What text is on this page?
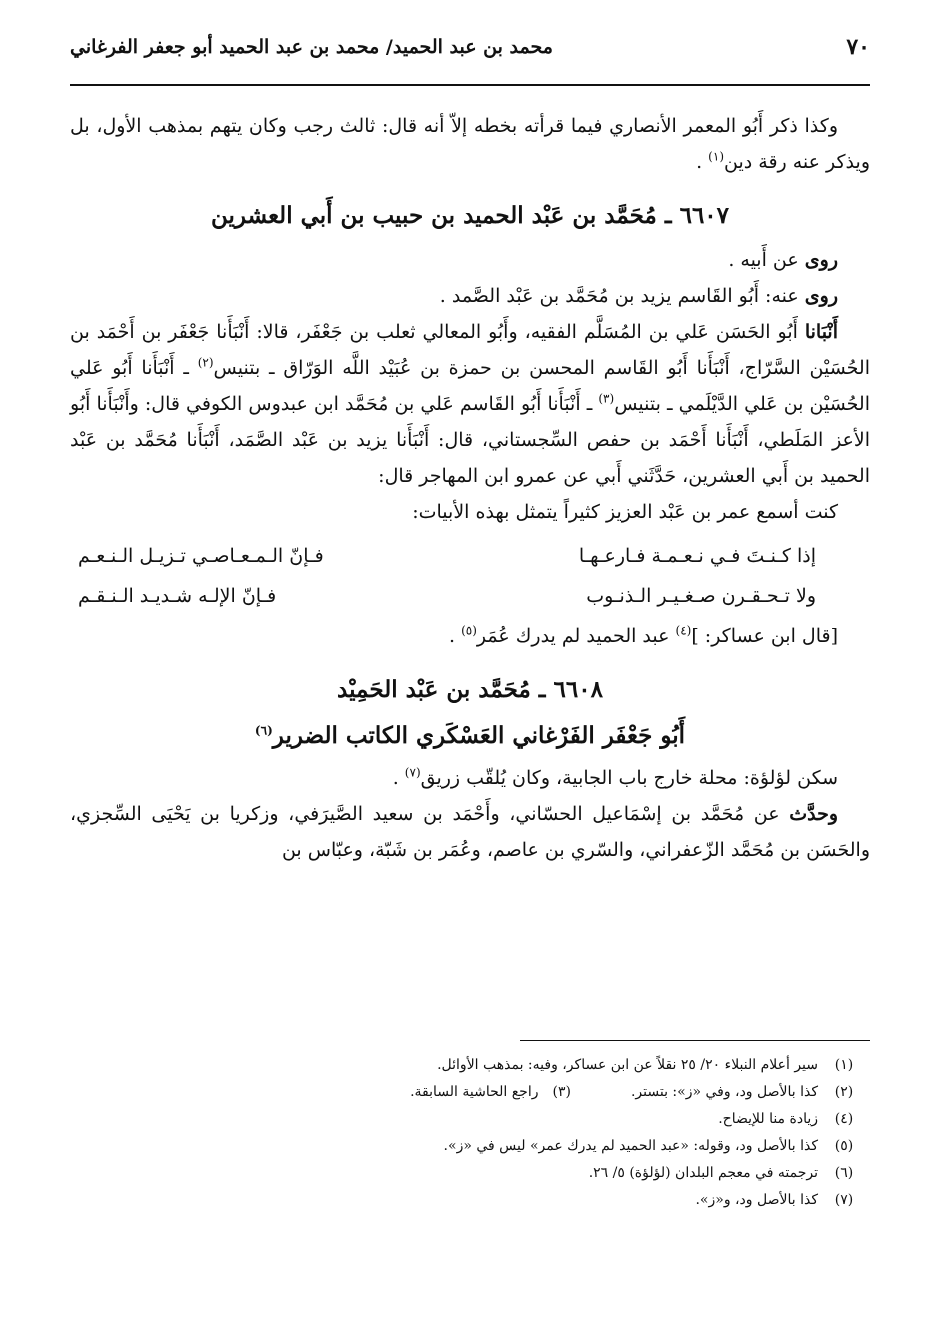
٧٠
محمد بن عبد الحميد/ محمد بن عبد الحميد أبو جعفر الفرغاني

وكذا ذكر أَبُو المعمر الأنصاري فيما قرأته بخطه إلاّ أنه قال: ثالث رجب وكان يتهم بمذهب الأول، بل ويذكر عنه رقة دين$^{(١)}$ .

٦٦٠٧ ـ مُحَمَّد بن عَبْد الحميد بن حبيب بن أَبي العشرين

روى عن أَبيه .

روى عنه: أَبُو القَاسم يزيد بن مُحَمَّد بن عَبْد الصَّمد .

أَنْبَانا أَبُو الحَسَن عَلي بن المُسَلَّم الفقيه، وأَبُو المعالي ثعلب بن جَعْفَر، قالا: أَنْبَأَنا جَعْفَر بن أَحْمَد بن الحُسَيْن السَّرّاج، أَنْبَأَنا أَبُو القَاسم المحسن بن حمزة بن عُبَيْد اللَّه الوَرّاق ـ بتنيس$^{(٢)}$ ـ أَنْبَأَنا أَبُو عَلي الحُسَيْن بن عَلي الدَّيْلَمي ـ بتنيس$^{(٣)}$ ـ أَنْبَأَنا أَبُو القَاسم عَلي بن مُحَمَّد ابن عبدوس الكوفي قال: وأَنْبَأَنا أَبُو الأعز المَلَطي، أَنْبَأَنا أَحْمَد بن حفص السِّجستاني، قال: أَنْبَأَنا يزيد بن عَبْد الصَّمَد، أَنْبَأَنا مُحَمَّد بن عَبْد الحميد بن أَبي العشرين، حَدَّثَني أَبي عن عمرو ابن المهاجر قال:

كنت أسمع عمر بن عَبْد العزيز كثيراً يتمثل بهذه الأبيات:

إذا كـنـتَ فـي نـعـمـة فـارعـهـا
فـإنّ الـمـعـاصـي تـزيـل الـنـعـم
ولا تـحـقـرن صـغـيـر الـذنـوب
فـإنّ الإلـه شـديـد الـنـقـم

[قال ابن عساكر: ]$^{(٤)}$ عبد الحميد لم يدرك عُمَر$^{(٥)}$ .

٦٦٠٨ ـ مُحَمَّد بن عَبْد الحَمِيْد
أَبُو جَعْفَر الفَرْغاني العَسْكَري الكاتب الضرير$^{(٦)}$

سكن لؤلؤة: محلة خارج باب الجابية، وكان يُلقّب زريق$^{(٧)}$ .

وحدَّث عن مُحَمَّد بن إسْمَاعيل الحسّاني، وأَحْمَد بن سعيد الصَّيرَفي، وزكريا بن يَحْيَى السِّجزي، والحَسَن بن مُحَمَّد الزّعفراني، والسّري بن عاصم، وعُمَر بن شَبّة، وعبّاس بن

(١)
سير أعلام النبلاء ٢٠/ ٢٥ نقلاً عن ابن عساكر، وفيه: بمذهب الأوائل.
(٢)
كذا بالأصل ود، وفي «ز»: بتستر.
(٣)
راجع الحاشية السابقة.
(٤)
زيادة منا للإيضاح.
(٥)
كذا بالأصل ود، وقوله: «عبد الحميد لم يدرك عمر» ليس في «ز».
(٦)
ترجمته في معجم البلدان (لؤلؤة) ٥/ ٢٦.
(٧)
كذا بالأصل ود، و«ز».
